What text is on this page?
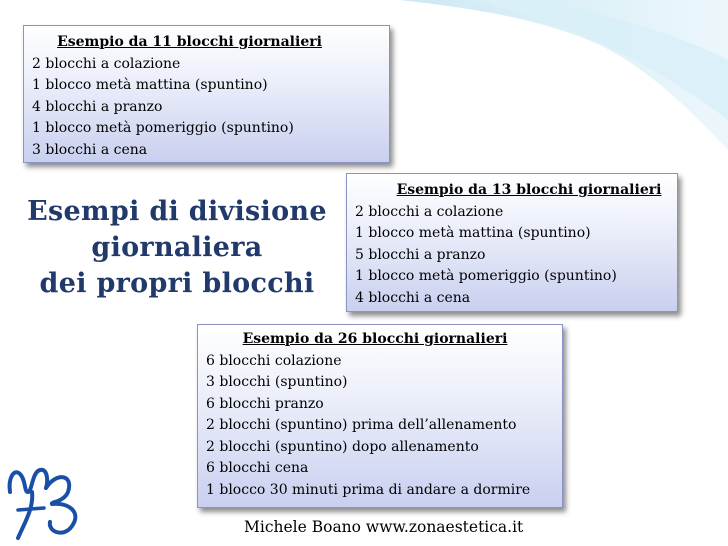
Esempio da 11 blocchi giornalieri
2 blocchi a colazione
1 blocco metà mattina (spuntino)
4 blocchi a pranzo
1 blocco metà pomeriggio (spuntino)
3 blocchi a cena
Esempi di divisione
giornaliera
dei propri blocchi
Esempio da 13 blocchi giornalieri
2 blocchi a colazione
1 blocco metà mattina (spuntino)
5 blocchi a pranzo
1 blocco metà pomeriggio (spuntino)
4 blocchi a cena
Esempio da 26 blocchi giornalieri
6 blocchi colazione
3 blocchi (spuntino)
6 blocchi pranzo
2 blocchi (spuntino) prima dell’allenamento
2 blocchi (spuntino) dopo allenamento
6 blocchi cena
1 blocco 30 minuti prima di andare a dormire
Michele Boano www.zonaestetica.it
